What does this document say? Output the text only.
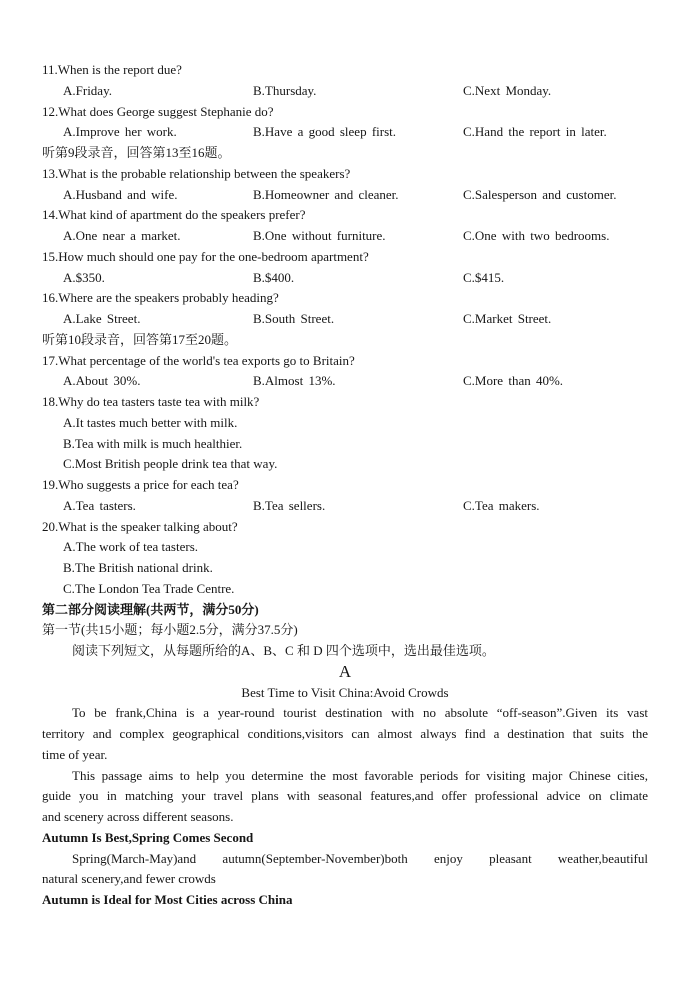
11.When is the report due?
A.Friday.	B.Thursday.	C.Next Monday.
12.What does George suggest Stephanie do?
A.Improve her work.	B.Have a good sleep first.	C.Hand the report in later.
听第9段录音，回答第13至16题。
13.What is the probable relationship between the speakers?
A.Husband and wife.	B.Homeowner and cleaner.	C.Salesperson and customer.
14.What kind of apartment do the speakers prefer?
A.One near a market.	B.One without furniture.	C.One with two bedrooms.
15.How much should one pay for the one-bedroom apartment?
A.$350.	B.$400.	C.$415.
16.Where are the speakers probably heading?
A.Lake Street.	B.South Street.	C.Market Street.
听第10段录音，回答第17至20题。
17.What percentage of the world's tea exports go to Britain?
A.About 30%.	B.Almost 13%.	C.More than 40%.
18.Why do tea tasters taste tea with milk?
A.It tastes much better with milk.
B.Tea with milk is much healthier.
C.Most British people drink tea that way.
19.Who suggests a price for each tea?
A.Tea tasters.	B.Tea sellers.	C.Tea makers.
20.What is the speaker talking about?
A.The work of tea tasters.
B.The British national drink.
C.The London Tea Trade Centre.
第二部分阅读理解(共两节，满分50分)
第一节(共15小题；每小题2.5分，满分37.5分)
阅读下列短文，从每题所给的A、B、C 和 D 四个选项中，选出最佳选项。
A
Best Time to Visit China:Avoid Crowds
To be frank,China is a year-round tourist destination with no absolute “off-season”.Given its vast
territory and complex geographical conditions,visitors can almost always find a destination that suits the
time of year.
This passage aims to help you determine the most favorable periods for visiting major Chinese cities,
guide you in matching your travel plans with seasonal features,and offer professional advice on climate
and scenery across different seasons.
Autumn Is Best,Spring Comes Second
Spring(March-May)and autumn(September-November)both enjoy pleasant weather,beautiful
natural scenery,and fewer crowds
Autumn is Ideal for Most Cities across China
